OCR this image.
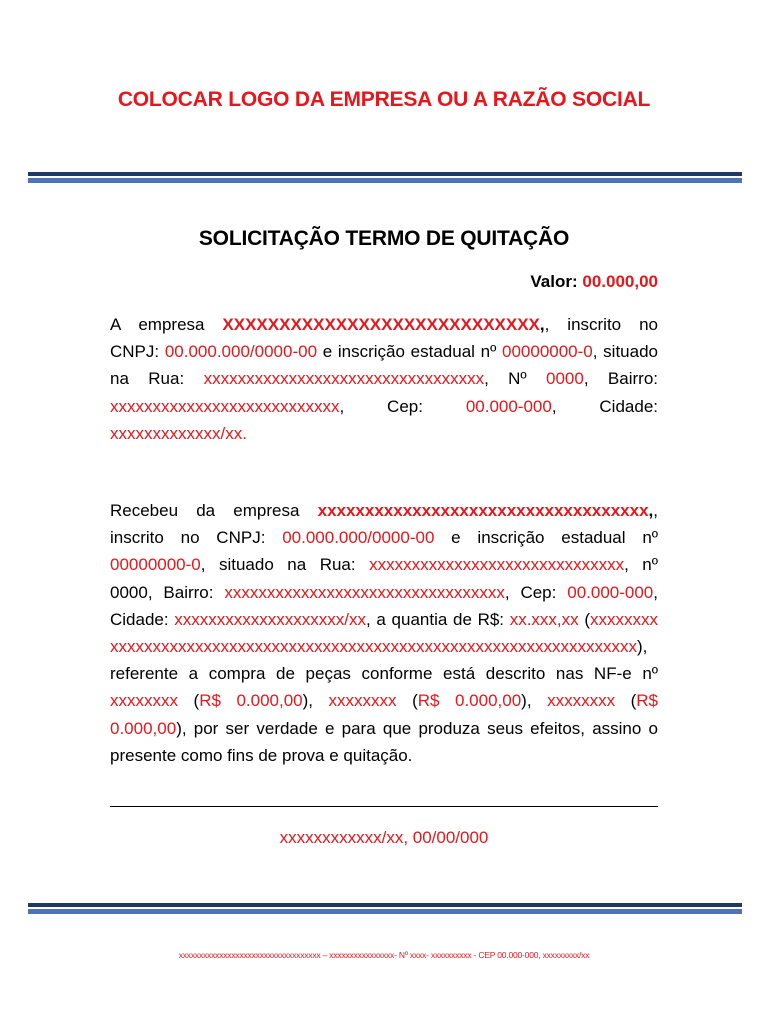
COLOCAR LOGO DA EMPRESA OU A RAZÃO SOCIAL
SOLICITAÇÃO TERMO DE QUITAÇÃO
Valor: 00.000,00
A empresa XXXXXXXXXXXXXXXXXXXXXXXXXXXX,, inscrito no CNPJ: 00.000.000/0000-00 e inscrição estadual nº 00000000-0, situado na Rua: xxxxxxxxxxxxxxxxxxxxxxxxxxxxxxxxx, Nº 0000, Bairro: xxxxxxxxxxxxxxxxxxxxxxxxxxx, Cep: 00.000-000, Cidade: xxxxxxxxxxxxx/xx.
Recebeu da empresa xxxxxxxxxxxxxxxxxxxxxxxxxxxxxxxxxxx,, inscrito no CNPJ: 00.000.000/0000-00 e inscrição estadual nº 00000000-0, situado na Rua: xxxxxxxxxxxxxxxxxxxxxxxxxxxxxx, nº 0000, Bairro: xxxxxxxxxxxxxxxxxxxxxxxxxxxxxxxxx, Cep: 00.000-000, Cidade: xxxxxxxxxxxxxxxxxxxx/xx, a quantia de R$: xx.xxx,xx (xxxxxxxxxxxxxxxxxxxxxxxxxxxxxxxxxxxxxxxxxxxxxxxxxxxxxxxxxxxxxxxxxxxxxx), referente a compra de peças conforme está descrito nas NF-e nº xxxxxxxx (R$ 0.000,00), xxxxxxxx (R$ 0.000,00), xxxxxxxx (R$ 0.000,00), por ser verdade e para que produza seus efeitos, assino o presente como fins de prova e quitação.
xxxxxxxxxxxx/xx, 00/00/000
xxxxxxxxxxxxxxxxxxxxxxxxxxxxxxxxxxx – xxxxxxxxxxxxxxxx- Nº xxxx- xxxxxxxxxx - CEP 00.000-000, xxxxxxxxx/xx
